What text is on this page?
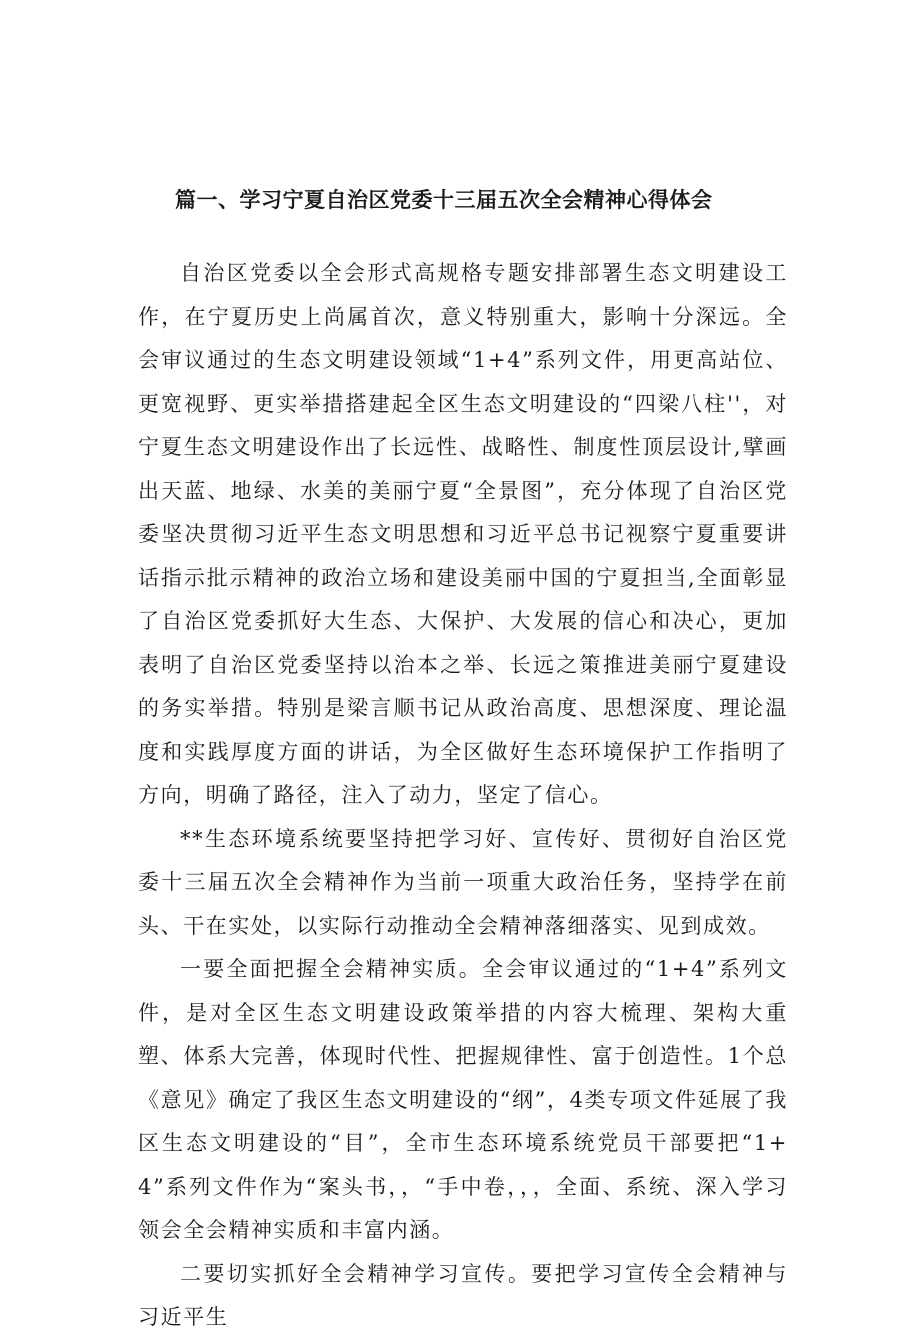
篇一、学习宁夏自治区党委十三届五次全会精神心得体会

自治区党委以全会形式高规格专题安排部署生态文明建设工作，在宁夏历史上尚属首次，意义特别重大，影响十分深远。全会审议通过的生态文明建设领域“1+4”系列文件，用更高站位、更宽视野、更实举措搭建起全区生态文明建设的“四梁八柱''，对宁夏生态文明建设作出了长远性、战略性、制度性顶层设计,擘画出天蓝、地绿、水美的美丽宁夏“全景图”，充分体现了自治区党委坚决贯彻习近平生态文明思想和习近平总书记视察宁夏重要讲话指示批示精神的政治立场和建设美丽中国的宁夏担当,全面彰显了自治区党委抓好大生态、大保护、大发展的信心和决心，更加表明了自治区党委坚持以治本之举、长远之策推进美丽宁夏建设的务实举措。特别是梁言顺书记从政治高度、思想深度、理论温度和实践厚度方面的讲话，为全区做好生态环境保护工作指明了方向，明确了路径，注入了动力，坚定了信心。

**生态环境系统要坚持把学习好、宣传好、贯彻好自治区党委十三届五次全会精神作为当前一项重大政治任务，坚持学在前头、干在实处，以实际行动推动全会精神落细落实、见到成效。

一要全面把握全会精神实质。全会审议通过的“1+4”系列文件，是对全区生态文明建设政策举措的内容大梳理、架构大重塑、体系大完善，体现时代性、把握规律性、富于创造性。1个总《意见》确定了我区生态文明建设的“纲”，4类专项文件延展了我区生态文明建设的“目”，全市生态环境系统党员干部要把“1+4”系列文件作为“案头书，，“手中卷，，，全面、系统、深入学习领会全会精神实质和丰富内涵。

二要切实抓好全会精神学习宣传。要把学习宣传全会精神与习近平生
